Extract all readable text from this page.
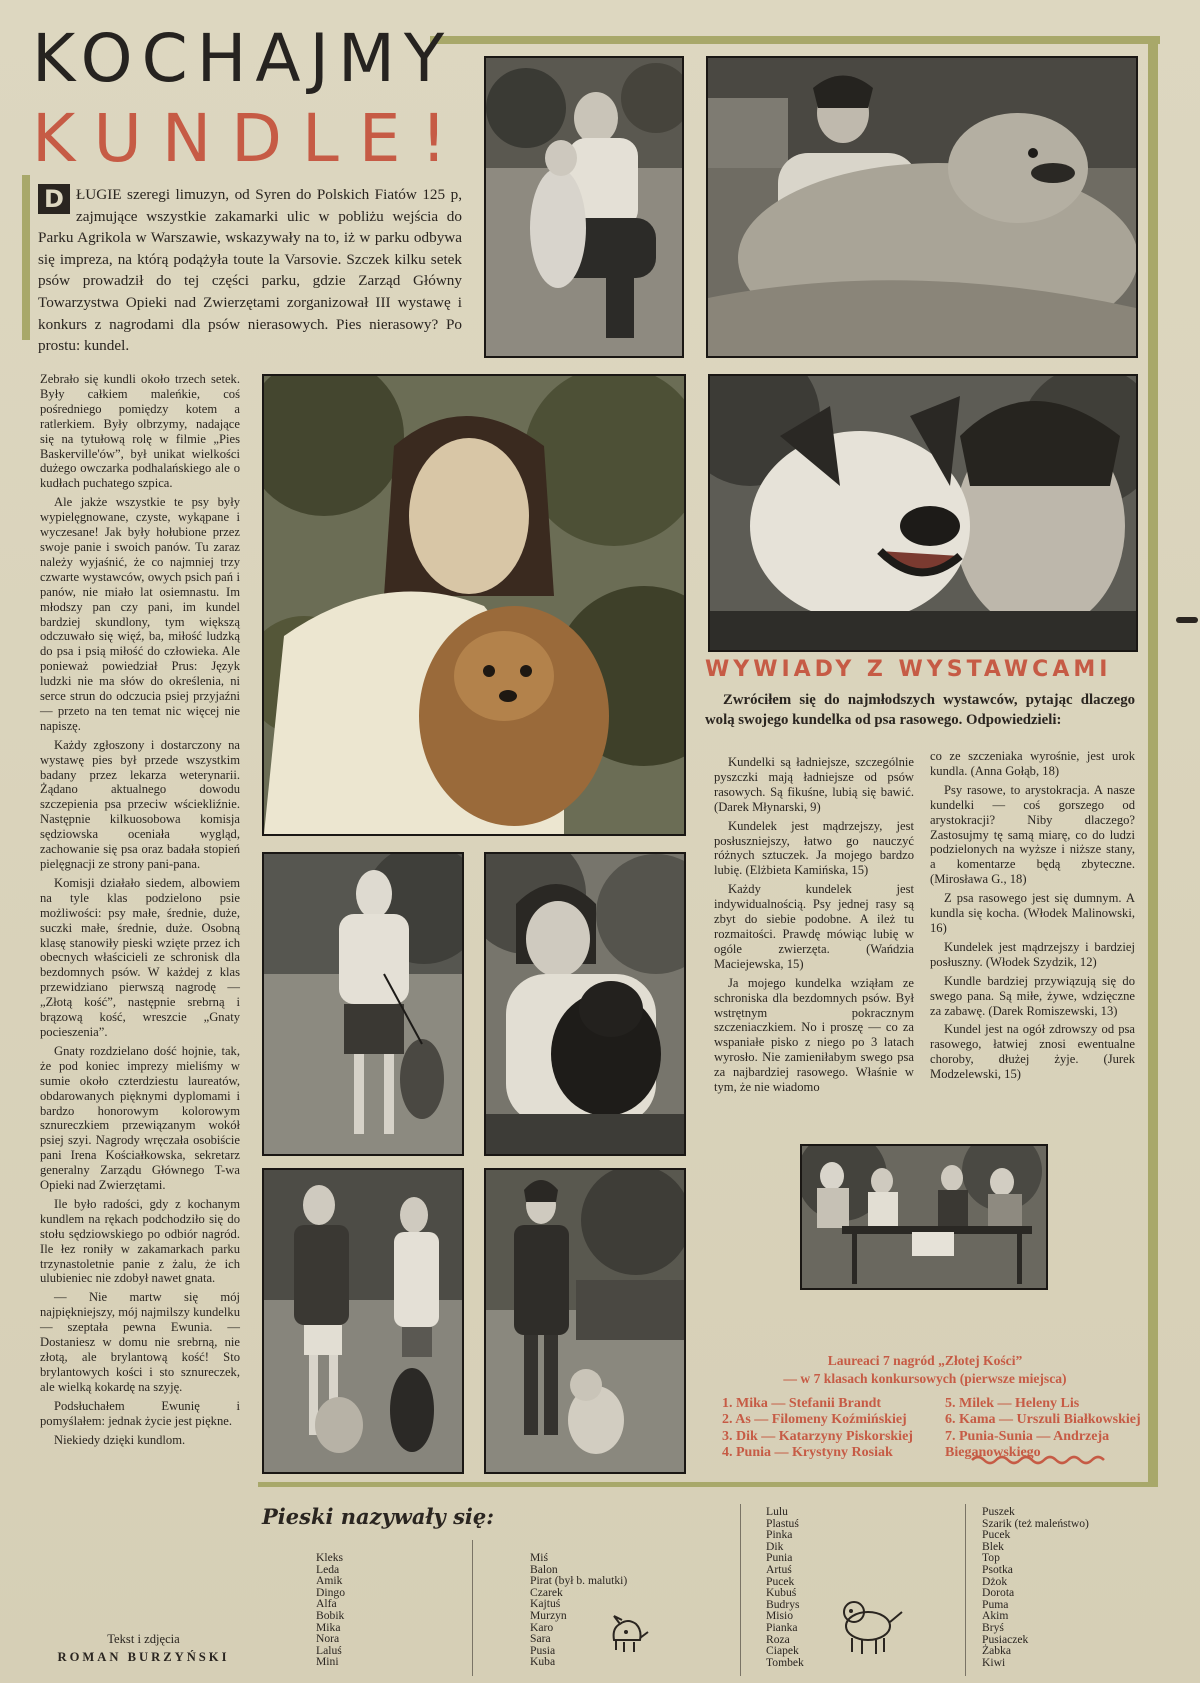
KOCHAJMY
KUNDLE!
D ŁUGIE szeregi limuzyn, od Syren do Polskich Fiatów 125 p, zajmujące wszystkie zakamarki ulic w pobliżu wejścia do Parku Agrikola w Warszawie, wskazywały na to, iż w parku odbywa się impreza, na którą podążyła toute la Varsovie. Szczek kilku setek psów prowadził do tej części parku, gdzie Zarząd Główny Towarzystwa Opieki nad Zwierzętami zorganizował III wystawę i konkurs z nagrodami dla psów nierasowych. Pies nierasowy? Po prostu: kundel.

Zebrało się kundli około trzech setek. Były całkiem maleńkie, coś pośredniego pomiędzy kotem a ratlerkiem. Były olbrzymy, nadające się na tytułową rolę w filmie „Pies Baskerville'ów”, był unikat wielkości dużego owczarka podhalańskiego ale o kudłach puchatego szpica.

Ale jakże wszystkie te psy były wypielęgnowane, czyste, wykąpane i wyczesane! Jak były hołubione przez swoje panie i swoich panów. Tu zaraz należy wyjaśnić, że co najmniej trzy czwarte wystawców, owych psich pań i panów, nie miało lat osiemnastu. Im młodszy pan czy pani, im kundel bardziej skundlony, tym większą odczuwało się więź, ba, miłość ludzką do psa i psią miłość do człowieka. Ale ponieważ powiedział Prus: Język ludzki nie ma słów do określenia, ni serce strun do odczucia psiej przyjaźni — przeto na ten temat nic więcej nie napiszę.

Każdy zgłoszony i dostarczony na wystawę pies był przede wszystkim badany przez lekarza weterynarii. Żądano aktualnego dowodu szczepienia psa przeciw wściekliźnie. Następnie kilkuosobowa komisja sędziowska oceniała wygląd, zachowanie się psa oraz badała stopień pielęgnacji ze strony pani-pana.

Komisji działało siedem, albowiem na tyle klas podzielono psie możliwości: psy małe, średnie, duże, suczki małe, średnie, duże. Osobną klasę stanowiły pieski wzięte przez ich obecnych właścicieli ze schronisk dla bezdomnych psów. W każdej z klas przewidziano pierwszą nagrodę — „Złotą kość”, następnie srebrną i brązową kość, wreszcie „Gnaty pocieszenia”.

Gnaty rozdzielano dość hojnie, tak, że pod koniec imprezy mieliśmy w sumie około czterdziestu laureatów, obdarowanych pięknymi dyplomami i bardzo honorowym kolorowym sznureczkiem przewiązanym wokół psiej szyi. Nagrody wręczała osobiście pani Irena Kościałkowska, sekretarz generalny Zarządu Głównego T-wa Opieki nad Zwierzętami.

Ile było radości, gdy z kochanym kundlem na rękach podchodziło się do stołu sędziowskiego po odbiór nagród. Ile łez roniły w zakamarkach parku trzynastoletnie panie z żalu, że ich ulubieniec nie zdobył nawet gnata.

— Nie martw się mój najpiękniejszy, mój najmilszy kundelku — szeptała pewna Ewunia. — Dostaniesz w domu nie srebrną, nie złotą, ale brylantową kość! Sto brylantowych kości i sto sznureczek, ale wielką kokardę na szyję.

Podsłuchałem Ewunię i pomyślałem: jednak życie jest piękne.

Niekiedy dzięki kundlom.

Tekst i zdjęcia
ROMAN BURZYŃSKI
WYWIADY Z WYSTAWCAMI
Zwróciłem się do najmłodszych wystawców, pytając dlaczego wolą swojego kundelka od psa rasowego. Odpowiedzieli:

Kundelki są ładniejsze, szczególnie pyszczki mają ładniejsze od psów rasowych. Są fikuśne, lubią się bawić. (Darek Młynarski, 9)

Kundelek jest mądrzejszy, jest posłuszniejszy, łatwo go nauczyć różnych sztuczek. Ja mojego bardzo lubię. (Elżbieta Kamińska, 15)

Każdy kundelek jest indywidualnością. Psy jednej rasy są zbyt do siebie podobne. A ileż tu rozmaitości. Prawdę mówiąc lubię w ogóle zwierzęta. (Wańdzia Maciejewska, 15)

Ja mojego kundelka wziąłam ze schroniska dla bezdomnych psów. Był wstrętnym pokracznym szczeniaczkiem. No i proszę — co za wspaniałe pisko z niego po 3 latach wyrosło. Nie zamieniłabym swego psa za najbardziej rasowego. Właśnie w tym, że nie wiadomo

co ze szczeniaka wyrośnie, jest urok kundla. (Anna Gołąb, 18)

Psy rasowe, to arystokracja. A nasze kundelki — coś gorszego od arystokracji? Niby dlaczego? Zastosujmy tę samą miarę, co do ludzi podzielonych na wyższe i niższe stany, a komentarze będą zbyteczne. (Mirosława G., 18)

Z psa rasowego jest się dumnym. A kundla się kocha. (Włodek Malinowski, 16)

Kundelek jest mądrzejszy i bardziej posłuszny. (Włodek Szydzik, 12)

Kundle bardziej przywiązują się do swego pana. Są miłe, żywe, wdzięczne za zabawę. (Darek Romiszewski, 13)

Kundel jest na ogół zdrowszy od psa rasowego, łatwiej znosi ewentualne choroby, dłużej żyje. (Jurek Modzelewski, 15)

Laureaci 7 nagród „Złotej Kości”
— w 7 klasach konkursowych (pierwsze miejsca)

1. Mika — Stefanii Brandt

2. As — Filomeny Koźmińskiej

3. Dik — Katarzyny Piskorskiej

4. Punia — Krystyny Rosiak

5. Milek — Heleny Lis

6. Kama — Urszuli Białkowskiej

7. Punia-Sunia — Andrzeja Bieganowskiego

Pieski nazywały się:
Kleks
Leda
Amik
Dingo
Alfa
Bobik
Mika
Nora
Laluś
Mini
Miś
Balon
Pirat (był b. malutki)
Czarek
Kajtuś
Murzyn
Karo
Sara
Pusia
Kuba
Lulu
Plastuś
Pinka
Dik
Punia
Artuś
Pucek
Kubuś
Budrys
Misio
Pianka
Roza
Ciapek
Tombek
Puszek
Szarik (też maleństwo)
Pucek
Blek
Top
Psotka
Dżok
Dorota
Puma
Akim
Bryś
Pusiaczek
Żabka
Kiwi
